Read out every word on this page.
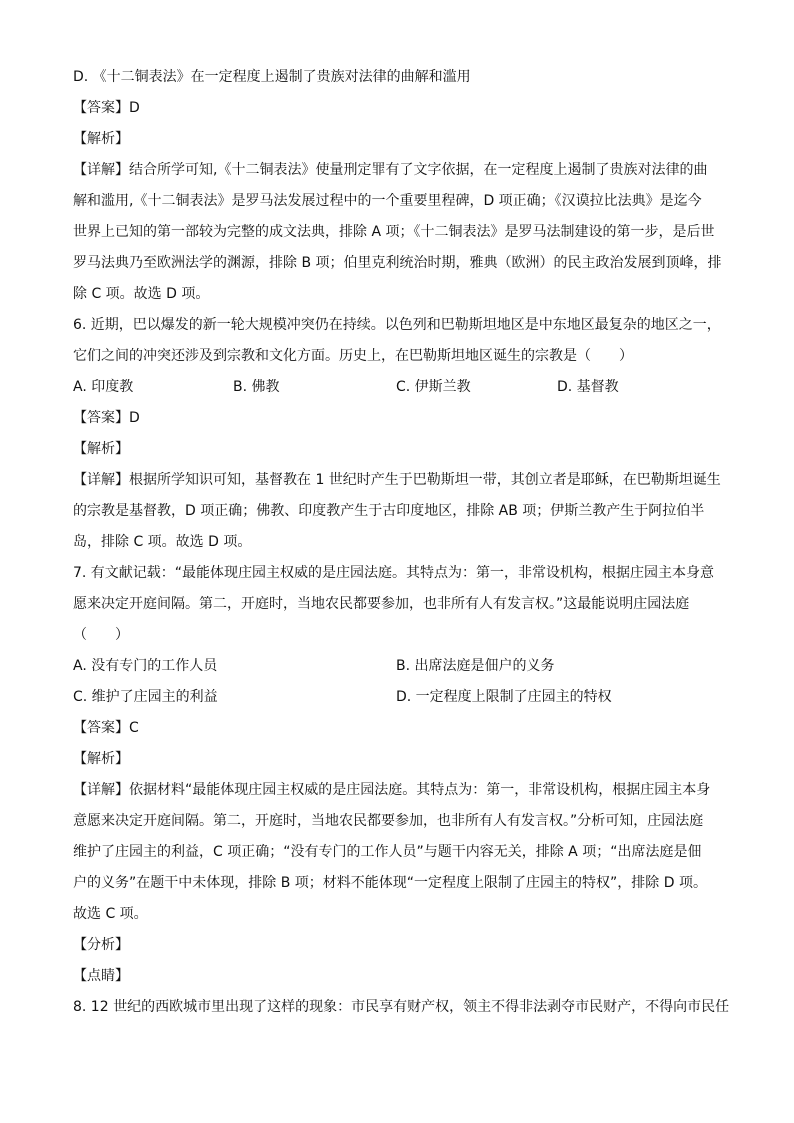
D. 《十二铜表法》在一定程度上遏制了贵族对法律的曲解和滥用
【答案】D
【解析】
【详解】结合所学可知,《十二铜表法》使量刑定罪有了文字依据，在一定程度上遏制了贵族对法律的曲
解和滥用,《十二铜表法》是罗马法发展过程中的一个重要里程碑，D 项正确；《汉谟拉比法典》是迄今
世界上已知的第一部较为完整的成文法典，排除 A 项；《十二铜表法》是罗马法制建设的第一步，是后世
罗马法典乃至欧洲法学的渊源，排除 B 项；伯里克利统治时期，雅典（欧洲）的民主政治发展到顶峰，排
除 C 项。故选 D 项。
6. 近期，巴以爆发的新一轮大规模冲突仍在持续。以色列和巴勒斯坦地区是中东地区最复杂的地区之一，
它们之间的冲突还涉及到宗教和文化方面。历史上，在巴勒斯坦地区诞生的宗教是（　　）
A. 印度教	B. 佛教	C. 伊斯兰教	D. 基督教
【答案】D
【解析】
【详解】根据所学知识可知，基督教在 1 世纪时产生于巴勒斯坦一带，其创立者是耶稣，在巴勒斯坦诞生
的宗教是基督教，D 项正确；佛教、印度教产生于古印度地区，排除 AB 项；伊斯兰教产生于阿拉伯半
岛，排除 C 项。故选 D 项。
7. 有文献记载：“最能体现庄园主权威的是庄园法庭。其特点为：第一，非常设机构，根据庄园主本身意
愿来决定开庭间隔。第二，开庭时，当地农民都要参加，也非所有人有发言权。”这最能说明庄园法庭
（　　）
A. 没有专门的工作人员	B. 出席法庭是佃户的义务
C. 维护了庄园主的利益	D. 一定程度上限制了庄园主的特权
【答案】C
【解析】
【详解】依据材料“最能体现庄园主权威的是庄园法庭。其特点为：第一，非常设机构，根据庄园主本身
意愿来决定开庭间隔。第二，开庭时，当地农民都要参加，也非所有人有发言权。”分析可知，庄园法庭
维护了庄园主的利益，C 项正确；“没有专门的工作人员”与题干内容无关，排除 A 项；“出席法庭是佃
户的义务”在题干中未体现，排除 B 项；材料不能体现“一定程度上限制了庄园主的特权”，排除 D 项。
故选 C 项。
【分析】
【点睛】
8. 12 世纪的西欧城市里出现了这样的现象：市民享有财产权，领主不得非法剥夺市民财产，不得向市民任
